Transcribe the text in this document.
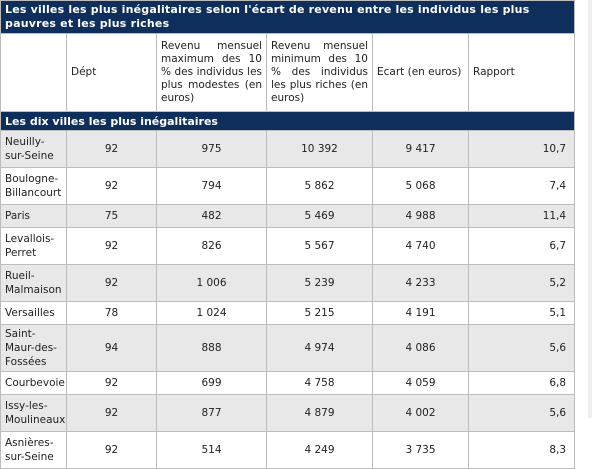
Les villes les plus inégalitaires selon l'écart de revenu entre les individus les plus pauvres et les plus riches					
	Dépt	Revenu mensuel maximum des 10 % des individus les plus modestes (en euros)	Revenu mensuel minimum des 10 % des individus les plus riches (en euros)	Ecart (en euros)	Rapport
Les dix villes les plus inégalitaires					
Neuilly-sur-Seine	92	975	10 392	9 417	10,7
Boulogne-Billancourt	92	794	5 862	5 068	7,4
Paris	75	482	5 469	4 988	11,4
Levallois-Perret	92	826	5 567	4 740	6,7
Rueil-Malmaison	92	1 006	5 239	4 233	5,2
Versailles	78	1 024	5 215	4 191	5,1
Saint-Maur-des-Fossées	94	888	4 974	4 086	5,6
Courbevoie	92	699	4 758	4 059	6,8
Issy-les-Moulineaux	92	877	4 879	4 002	5,6
Asnières-sur-Seine	92	514	4 249	3 735	8,3
